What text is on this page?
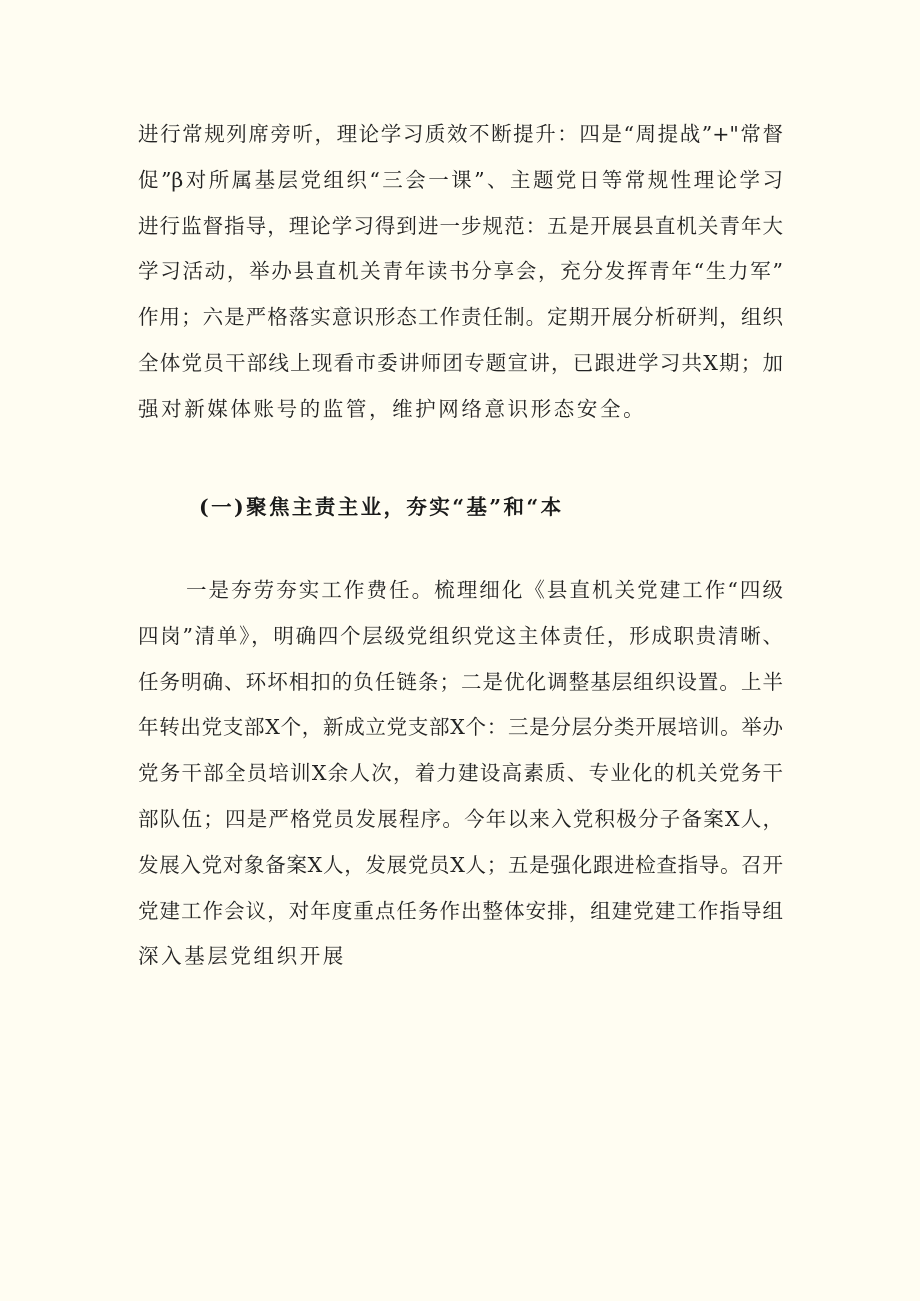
进行常规列席旁听，理论学习质效不断提升：四是“周提战”+"常督
促”β对所属基层党组织“三会一课”、主题党日等常规性理论学习
进行监督指导，理论学习得到进一步规范：五是开展县直机关青年大
学习活动，举办县直机关青年读书分享会，充分发挥青年“生力军”
作用；六是严格落实意识形态工作责任制。定期开展分析研判，组织
全体党员干部线上现看市委讲师团专题宣讲，已跟进学习共X期；加
强对新媒体账号的监管，维护网络意识形态安全。
(一)聚焦主责主业，夯实“基”和“本
一是夯劳夯实工作费任。梳理细化《县直机关党建工作“四级
四岗”清单》，明确四个层级党组织党这主体责任，形成职贵清晰、
任务明确、环坏相扣的负任链条；二是优化调整基层组织设置。上半
年转出党支部X个，新成立党支部X个：三是分层分类开展培训。举办
党务干部全员培训X余人次，着力建设高素质、专业化的机关党务干
部队伍；四是严格党员发展程序。今年以来入党积极分子备案X人，
发展入党对象备案X人，发展党员X人；五是强化跟进检查指导。召开
党建工作会议，对年度重点任务作出整体安排，组建党建工作指导组
深入基层党组织开展
